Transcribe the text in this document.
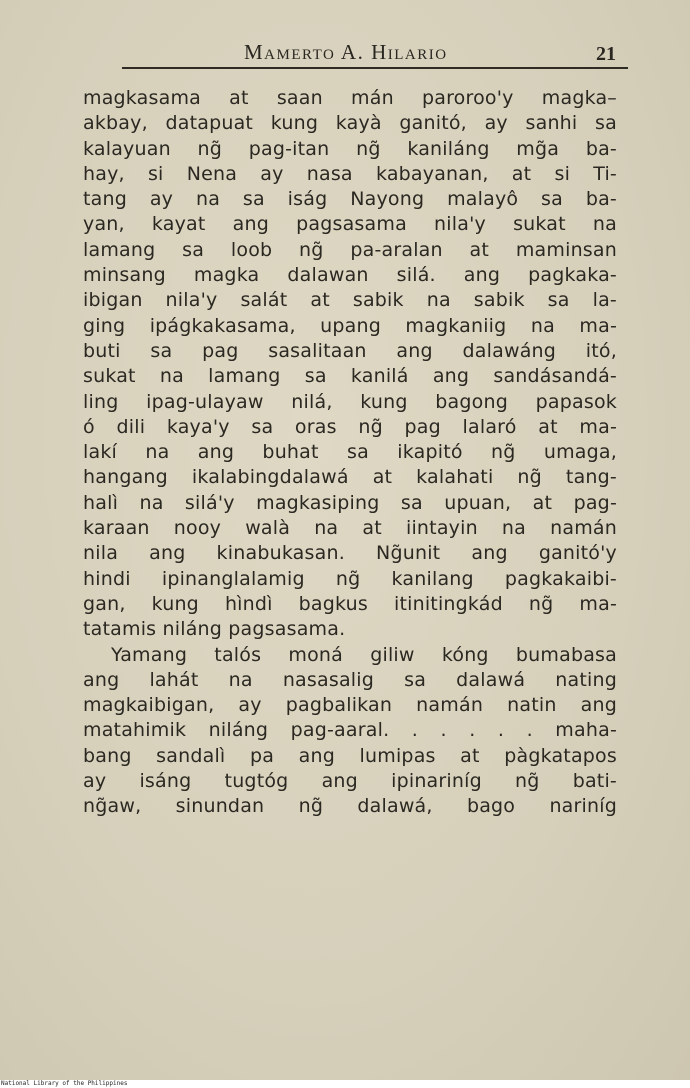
Mamerto A. Hilario	21
magkasama at saan mán paroroo'y magka–
akbay, datapuat kung kayà ganitó, ay sanhi sa
kalayuan ng̃ pag-itan ng̃ kaniláng mg̃a ba-
hay, si Nena ay nasa kabayanan, at si Ti-
tang ay na sa iság Nayong malayô sa ba-
yan, kayat ang pagsasama nila'y sukat na
lamang sa loob ng̃ pa-aralan at maminsan
minsang magka dalawan silá. ang pagkaka-
ibigan nila'y salát at sabik na sabik sa la-
ging ipágkakasama, upang magkaniig na ma-
buti sa pag sasalitaan ang dalawáng itó,
sukat na lamang sa kanilá ang sandásandá-
ling ipag-ulayaw nilá, kung bagong papasok
ó dili kaya'y sa oras ng̃ pag lalaró at ma-
lakí na ang buhat sa ikapitó ng̃ umaga,
hangang ikalabingdalawá at kalahati ng̃ tang-
halì na silá'y magkasiping sa upuan, at pag-
karaan nooy walà na at iintayin na namán
nila ang kinabukasan. Ng̃unit ang ganitó'y
hindi ipinanglalamig ng̃ kanilang pagkakaibi-
gan, kung hìndì bagkus itinitingkád ng̃ ma-
tatamis niláng pagsasama.
Yamang talós moná giliw kóng bumabasa
ang lahát na nasasalig sa dalawá nating
magkaibigan, ay pagbalikan namán natin ang
matahimik niláng pag-aaral. . . . . . maha-
bang sandalì pa ang lumipas at pàgkatapos
ay isáng tugtóg ang ipinariníg ng̃ bati-
ng̃aw, sinundan ng̃ dalawá, bago nariníg
National Library of the Philippines
